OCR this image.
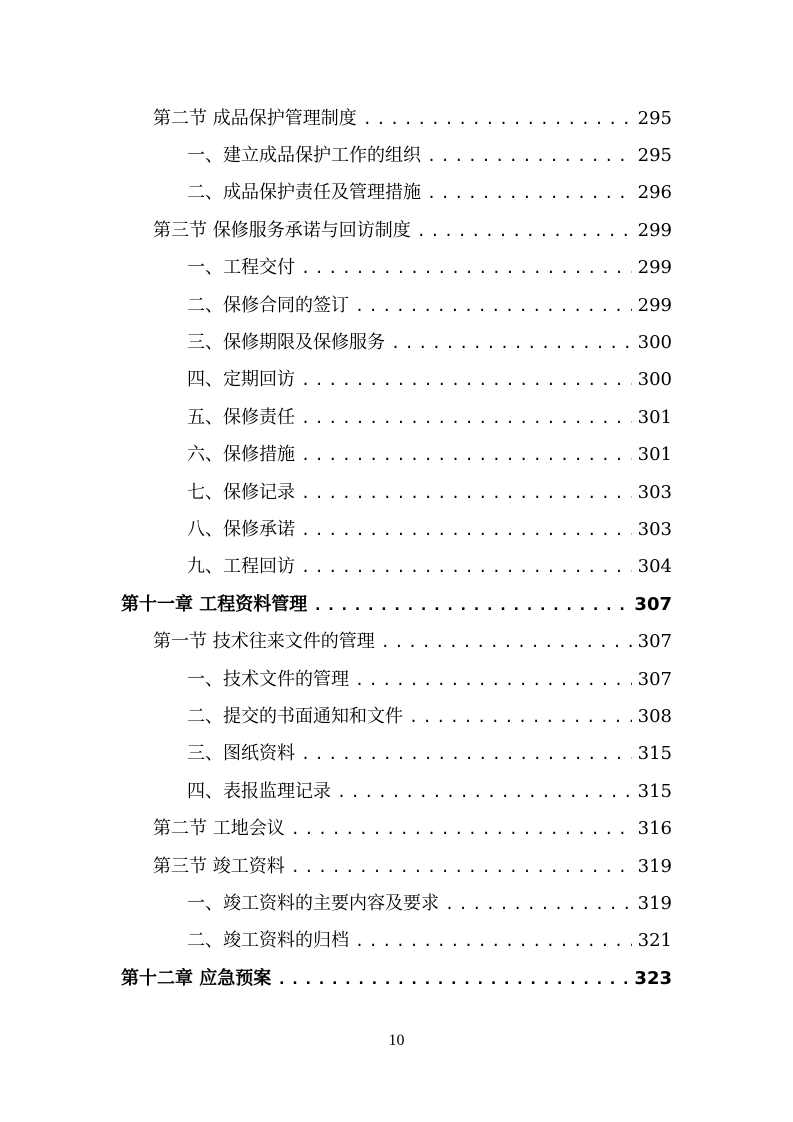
第二节 成品保护管理制度 .....	295
一、建立成品保护工作的组织 .....	295
二、成品保护责任及管理措施 .....	296
第三节 保修服务承诺与回访制度 .....	299
一、工程交付 .....	299
二、保修合同的签订 .....	299
三、保修期限及保修服务 .....	300
四、定期回访 .....	300
五、保修责任 .....	301
六、保修措施 .....	301
七、保修记录 .....	303
八、保修承诺 .....	303
九、工程回访 .....	304
第十一章 工程资料管理 .....	307
第一节 技术往来文件的管理 .....	307
一、技术文件的管理 .....	307
二、提交的书面通知和文件 .....	308
三、图纸资料 .....	315
四、表报监理记录 .....	315
第二节 工地会议 .....	316
第三节 竣工资料 .....	319
一、竣工资料的主要内容及要求 .....	319
二、竣工资料的归档 .....	321
第十二章 应急预案 .....	323
10
